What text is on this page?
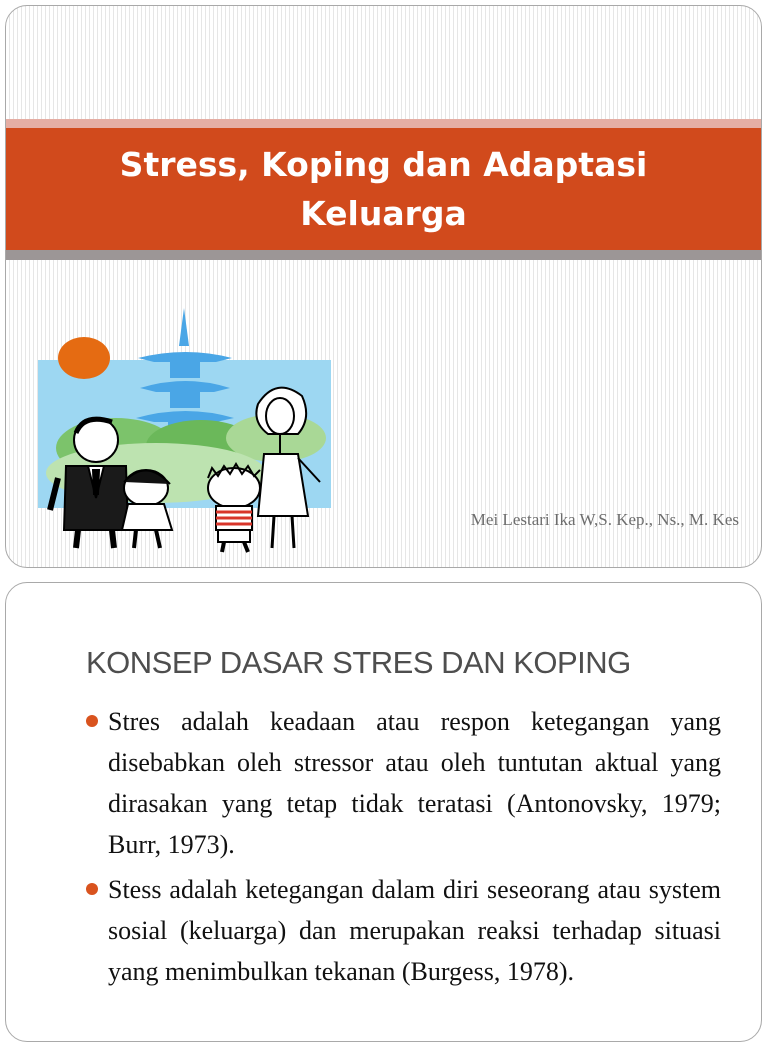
Stress, Koping dan Adaptasi
Keluarga

Mei Lestari Ika W,S. Kep., Ns., M. Kes

KONSEP DASAR STRES DAN KOPING
Stres adalah keadaan atau respon ketegangan yang disebabkan oleh stressor atau oleh tuntutan aktual yang dirasakan yang tetap tidak teratasi (Antonovsky, 1979; Burr, 1973).
Stess adalah ketegangan dalam diri seseorang atau system sosial (keluarga) dan merupakan reaksi terhadap situasi yang menimbulkan tekanan (Burgess, 1978).
